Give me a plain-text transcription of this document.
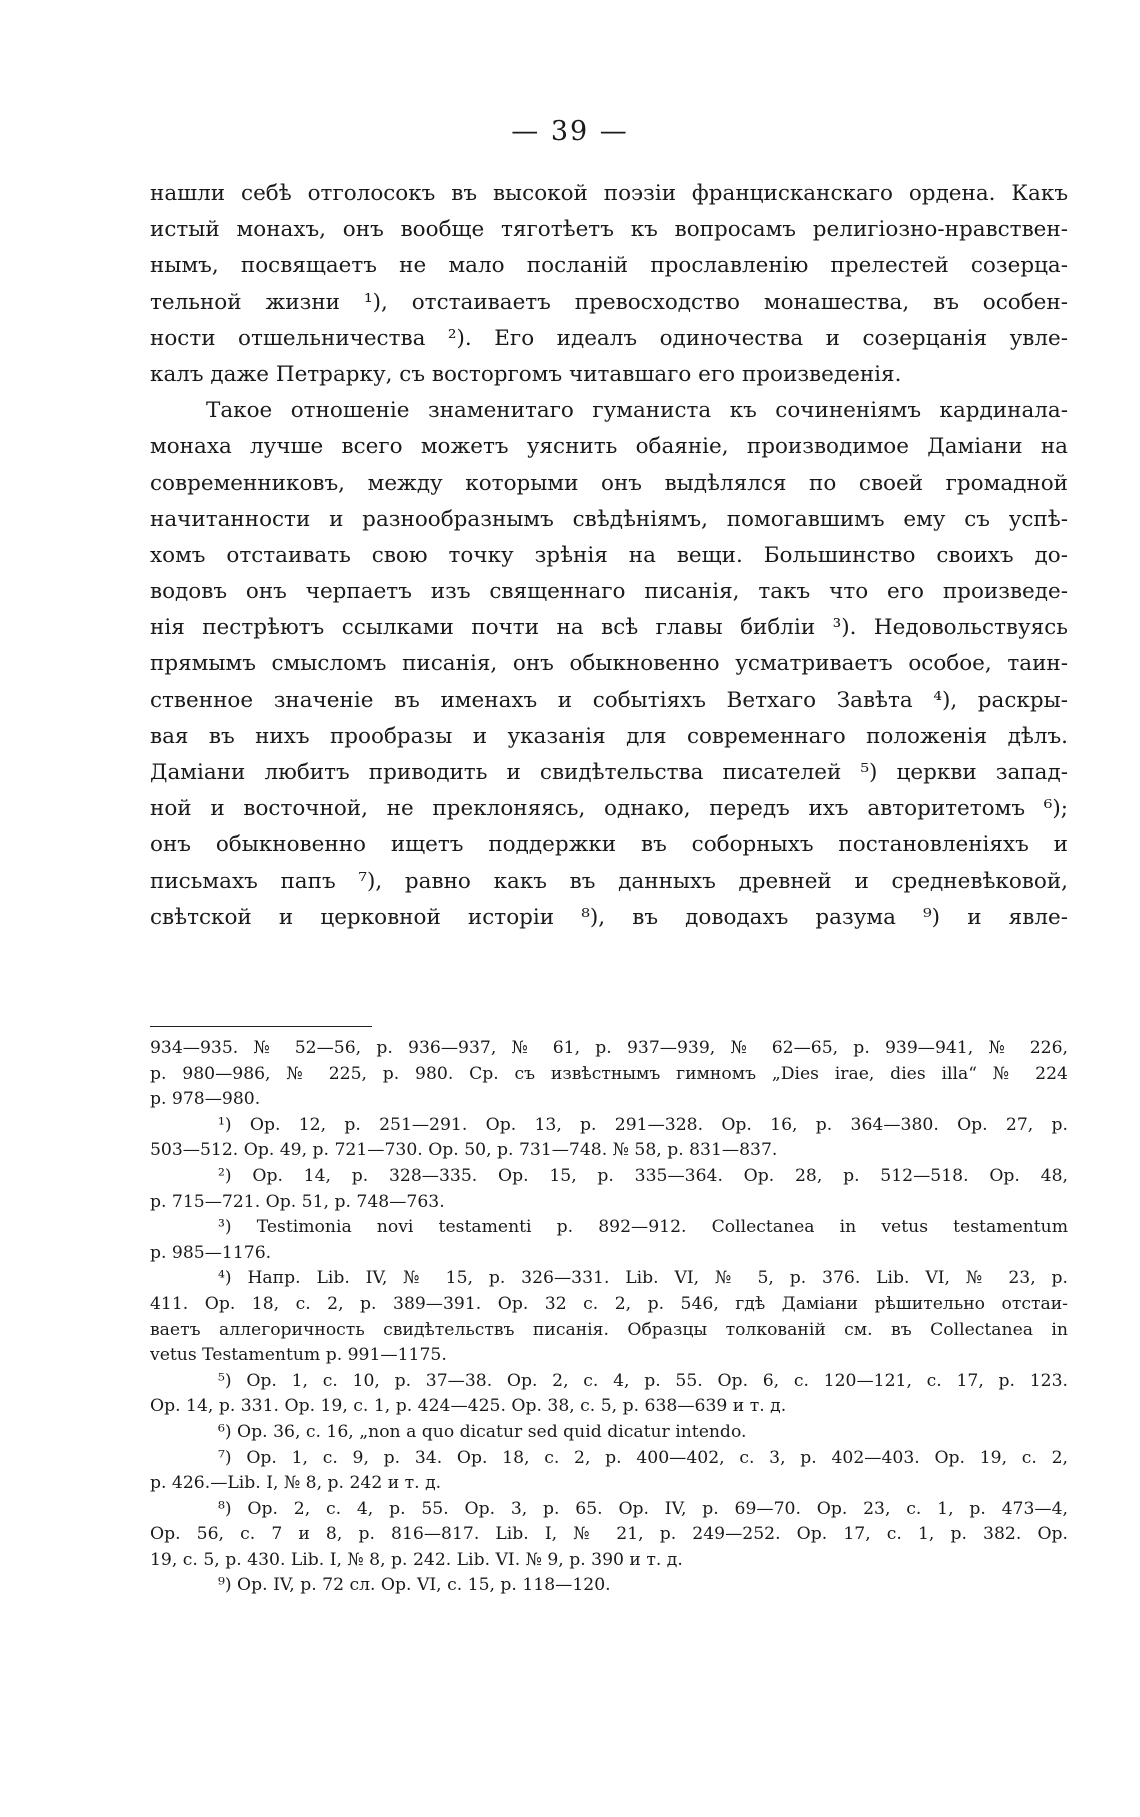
— 39 —
нашли себѣ отголосокъ въ высокой поэзіи францисканскаго ордена. Какъ
истый монахъ, онъ вообще тяготѣетъ къ вопросамъ религіозно-нравствен-
нымъ, посвящаетъ не мало посланій прославленію прелестей созерца-
тельной жизни ¹), отстаиваетъ превосходство монашества, въ особен-
ности отшельничества ²). Его идеалъ одиночества и созерцанія увле-
калъ даже Петрарку, съ восторгомъ читавшаго его произведенія.
Такое отношеніе знаменитаго гуманиста къ сочиненіямъ кардинала-
монаха лучше всего можетъ уяснить обаяніе, производимое Даміани на
современниковъ, между которыми онъ выдѣлялся по своей громадной
начитанности и разнообразнымъ свѣдѣніямъ, помогавшимъ ему съ успѣ-
хомъ отстаивать свою точку зрѣнія на вещи. Большинство своихъ до-
водовъ онъ черпаетъ изъ священнаго писанія, такъ что его произведе-
нія пестрѣютъ ссылками почти на всѣ главы библіи ³). Недовольствуясь
прямымъ смысломъ писанія, онъ обыкновенно усматриваетъ особое, таин-
ственное значеніе въ именахъ и событіяхъ Ветхаго Завѣта ⁴), раскры-
вая въ нихъ прообразы и указанія для современнаго положенія дѣлъ.
Даміани любитъ приводить и свидѣтельства писателей ⁵) церкви запад-
ной и восточной, не преклоняясь, однако, передъ ихъ авторитетомъ ⁶);
онъ обыкновенно ищетъ поддержки въ соборныхъ постановленіяхъ и
письмахъ папъ ⁷), равно какъ въ данныхъ древней и средневѣковой,
свѣтской и церковной исторіи ⁸), въ доводахъ разума ⁹) и явле-
934—935. № 52—56, p. 936—937, № 61, p. 937—939, № 62—65, p. 939—941, № 226,
p. 980—986, № 225, p. 980. Ср. съ извѣстнымъ гимномъ „Dies irae, dies illa“ № 224
p. 978—980.
¹) Op. 12, p. 251—291. Op. 13, p. 291—328. Op. 16, p. 364—380. Op. 27, p.
503—512. Op. 49, p. 721—730. Op. 50, p. 731—748. № 58, p. 831—837.
²) Op. 14, p. 328—335. Op. 15, p. 335—364. Op. 28, p. 512—518. Op. 48,
p. 715—721. Op. 51, p. 748—763.
³) Testimonia novi testamenti p. 892—912. Collectanea in vetus testamentum
p. 985—1176.
⁴) Напр. Lib. IV, № 15, p. 326—331. Lib. VI, № 5, p. 376. Lib. VI, № 23, p.
411. Op. 18, c. 2, p. 389—391. Op. 32 c. 2, p. 546, гдѣ Даміани рѣшительно отстаи-
ваетъ аллегоричность свидѣтельствъ писанія. Образцы толкованій см. въ Collectanea in
vetus Testamentum p. 991—1175.
⁵) Op. 1, c. 10, p. 37—38. Op. 2, c. 4, p. 55. Op. 6, c. 120—121, c. 17, p. 123.
Op. 14, p. 331. Op. 19, c. 1, p. 424—425. Op. 38, c. 5, p. 638—639 и т. д.
⁶) Op. 36, c. 16, „non a quo dicatur sed quid dicatur intendo.
⁷) Op. 1, c. 9, p. 34. Op. 18, c. 2, p. 400—402, c. 3, p. 402—403. Op. 19, c. 2,
p. 426.—Lib. I, № 8, p. 242 и т. д.
⁸) Op. 2, c. 4, p. 55. Op. 3, p. 65. Op. IV, p. 69—70. Op. 23, c. 1, p. 473—4,
Op. 56, c. 7 и 8, p. 816—817. Lib. I, № 21, p. 249—252. Op. 17, c. 1, p. 382. Op.
19, c. 5, p. 430. Lib. I, № 8, p. 242. Lib. VI. № 9, p. 390 и т. д.
⁹) Op. IV, p. 72 сл. Op. VI, c. 15, p. 118—120.
